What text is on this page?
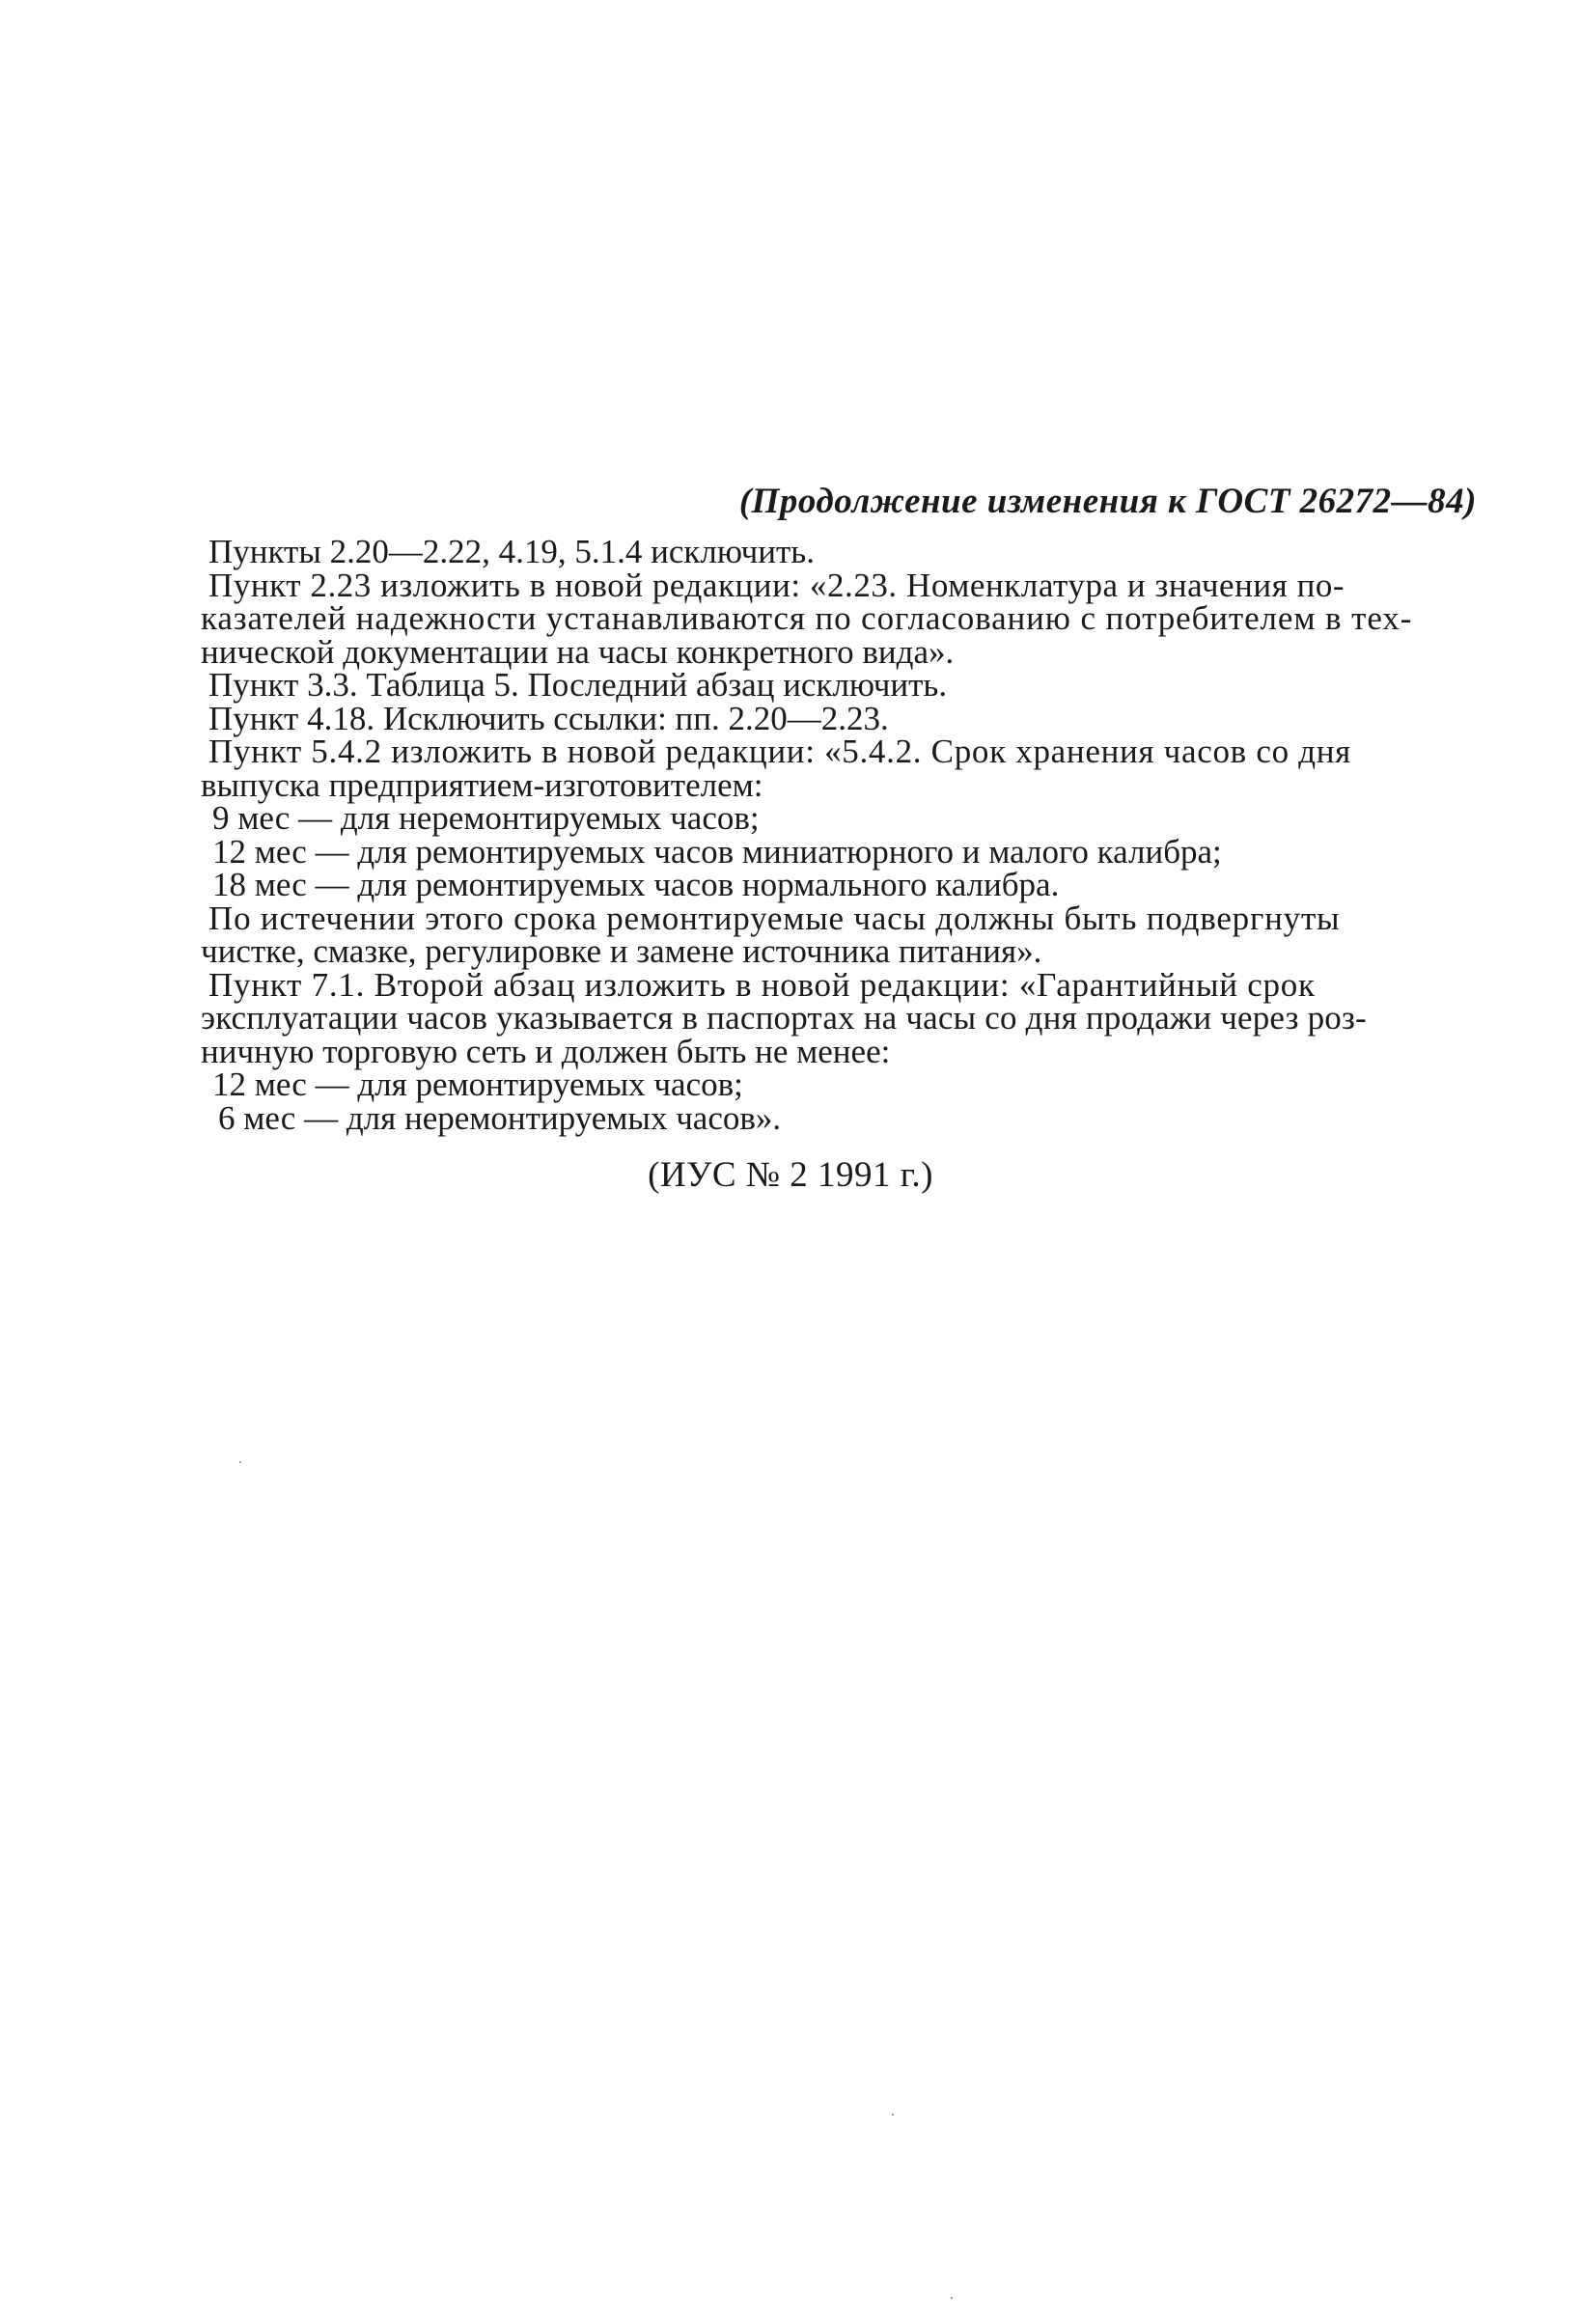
(Продолжение изменения к ГОСТ 26272—84)

Пункты 2.20—2.22, 4.19, 5.1.4 исключить.

Пункт 2.23 изложить в новой редакции: «2.23. Номенклатура и значения по-

казателей надежности устанавливаются по согласованию с потребителем в тех-

нической документации на часы конкретного вида».

Пункт 3.3. Таблица 5. Последний абзац исключить.

Пункт 4.18. Исключить ссылки: пп. 2.20—2.23.

Пункт 5.4.2 изложить в новой редакции: «5.4.2. Срок хранения часов со дня

выпуска предприятием-изготовителем:

9 мес — для неремонтируемых часов;

12 мес — для ремонтируемых часов миниатюрного и малого калибра;

18 мес — для ремонтируемых часов нормального калибра.

По истечении этого срока ремонтируемые часы должны быть подвергнуты

чистке, смазке, регулировке и замене источника питания».

Пункт 7.1. Второй абзац изложить в новой редакции: «Гарантийный срок

эксплуатации часов указывается в паспортах на часы со дня продажи через роз-

ничную торговую сеть и должен быть не менее:

12 мес — для ремонтируемых часов;

6 мес — для неремонтируемых часов».

(ИУС № 2 1991 г.)
